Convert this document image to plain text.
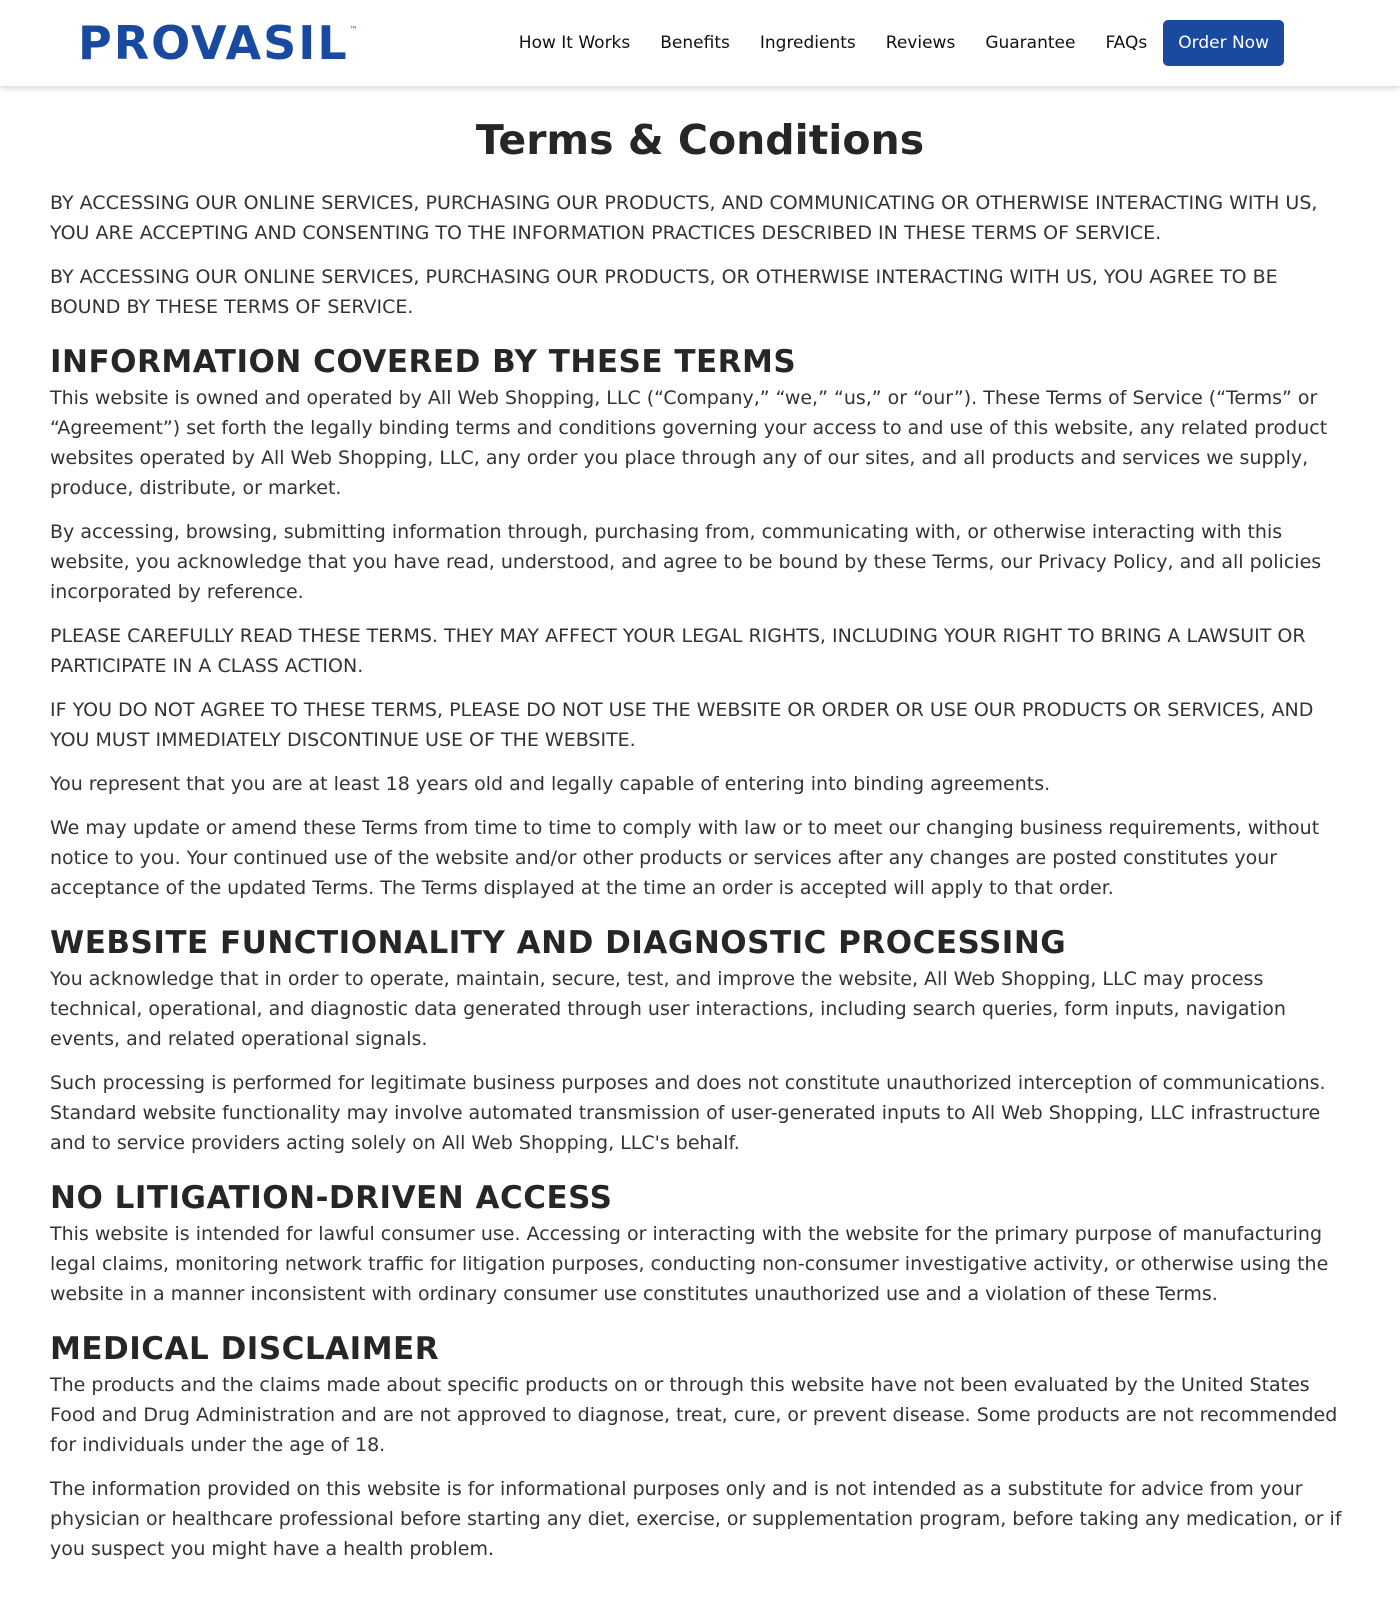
PROVASIL ™
How It Works Benefits Ingredients Reviews Guarantee FAQs	Order Now
Terms & Conditions

BY ACCESSING OUR ONLINE SERVICES, PURCHASING OUR PRODUCTS, AND COMMUNICATING OR OTHERWISE INTERACTING WITH US, YOU ARE ACCEPTING AND CONSENTING TO THE INFORMATION PRACTICES DESCRIBED IN THESE TERMS OF SERVICE.

BY ACCESSING OUR ONLINE SERVICES, PURCHASING OUR PRODUCTS, OR OTHERWISE INTERACTING WITH US, YOU AGREE TO BE BOUND BY THESE TERMS OF SERVICE.

INFORMATION COVERED BY THESE TERMS

This website is owned and operated by All Web Shopping, LLC (“Company,” “we,” “us,” or “our”). These Terms of Service (“Terms” or “Agreement”) set forth the legally binding terms and conditions governing your access to and use of this website, any related product websites operated by All Web Shopping, LLC, any order you place through any of our sites, and all products and services we supply, produce, distribute, or market.

By accessing, browsing, submitting information through, purchasing from, communicating with, or otherwise interacting with this website, you acknowledge that you have read, understood, and agree to be bound by these Terms, our Privacy Policy, and all policies incorporated by reference.

PLEASE CAREFULLY READ THESE TERMS. THEY MAY AFFECT YOUR LEGAL RIGHTS, INCLUDING YOUR RIGHT TO BRING A LAWSUIT OR PARTICIPATE IN A CLASS ACTION.

IF YOU DO NOT AGREE TO THESE TERMS, PLEASE DO NOT USE THE WEBSITE OR ORDER OR USE OUR PRODUCTS OR SERVICES, AND YOU MUST IMMEDIATELY DISCONTINUE USE OF THE WEBSITE.

You represent that you are at least 18 years old and legally capable of entering into binding agreements.

We may update or amend these Terms from time to time to comply with law or to meet our changing business requirements, without notice to you. Your continued use of the website and/or other products or services after any changes are posted constitutes your acceptance of the updated Terms. The Terms displayed at the time an order is accepted will apply to that order.

WEBSITE FUNCTIONALITY AND DIAGNOSTIC PROCESSING

You acknowledge that in order to operate, maintain, secure, test, and improve the website, All Web Shopping, LLC may process technical, operational, and diagnostic data generated through user interactions, including search queries, form inputs, navigation events, and related operational signals.

Such processing is performed for legitimate business purposes and does not constitute unauthorized interception of communications. Standard website functionality may involve automated transmission of user-generated inputs to All Web Shopping, LLC infrastructure and to service providers acting solely on All Web Shopping, LLC's behalf.

NO LITIGATION-DRIVEN ACCESS

This website is intended for lawful consumer use. Accessing or interacting with the website for the primary purpose of manufacturing legal claims, monitoring network traffic for litigation purposes, conducting non-consumer investigative activity, or otherwise using the website in a manner inconsistent with ordinary consumer use constitutes unauthorized use and a violation of these Terms.

MEDICAL DISCLAIMER

The products and the claims made about specific products on or through this website have not been evaluated by the United States Food and Drug Administration and are not approved to diagnose, treat, cure, or prevent disease. Some products are not recommended for individuals under the age of 18.

The information provided on this website is for informational purposes only and is not intended as a substitute for advice from your physician or healthcare professional before starting any diet, exercise, or supplementation program, before taking any medication, or if you suspect you might have a health problem.
